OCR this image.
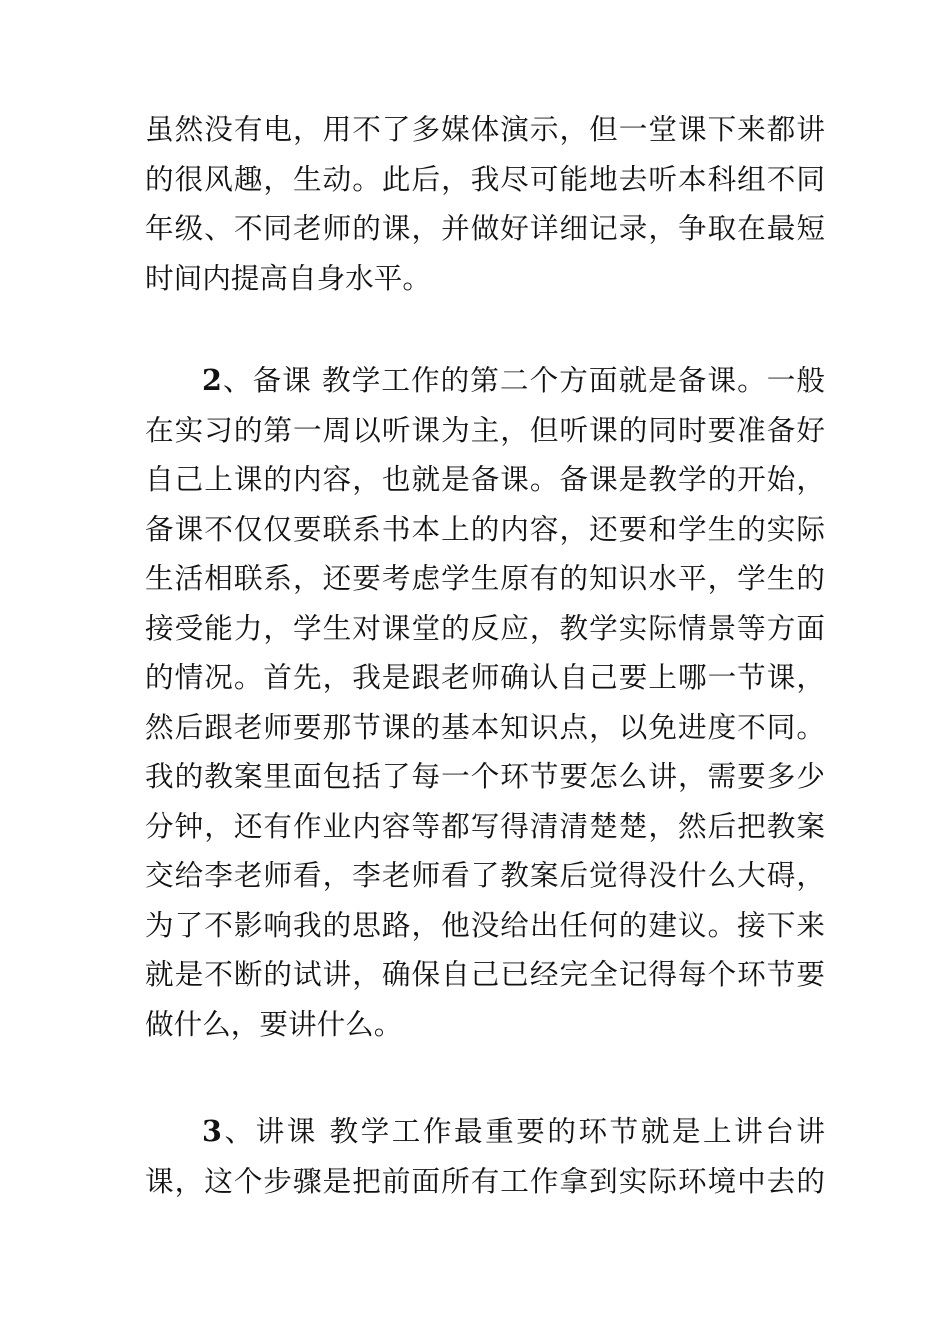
虽然没有电，用不了多媒体演示，但一堂课下来都讲
的很风趣，生动。此后，我尽可能地去听本科组不同
年级、不同老师的课，并做好详细记录，争取在最短
时间内提高自身水平。
2、备课 教学工作的第二个方面就是备课。一般
在实习的第一周以听课为主，但听课的同时要准备好
自己上课的内容，也就是备课。备课是教学的开始，
备课不仅仅要联系书本上的内容，还要和学生的实际
生活相联系，还要考虑学生原有的知识水平，学生的
接受能力，学生对课堂的反应，教学实际情景等方面
的情况。首先，我是跟老师确认自己要上哪一节课，
然后跟老师要那节课的基本知识点，以免进度不同。
我的教案里面包括了每一个环节要怎么讲，需要多少
分钟，还有作业内容等都写得清清楚楚，然后把教案
交给李老师看，李老师看了教案后觉得没什么大碍，
为了不影响我的思路，他没给出任何的建议。接下来
就是不断的试讲，确保自己已经完全记得每个环节要
做什么，要讲什么。
3、讲课 教学工作最重要的环节就是上讲台讲
课，这个步骤是把前面所有工作拿到实际环境中去的
